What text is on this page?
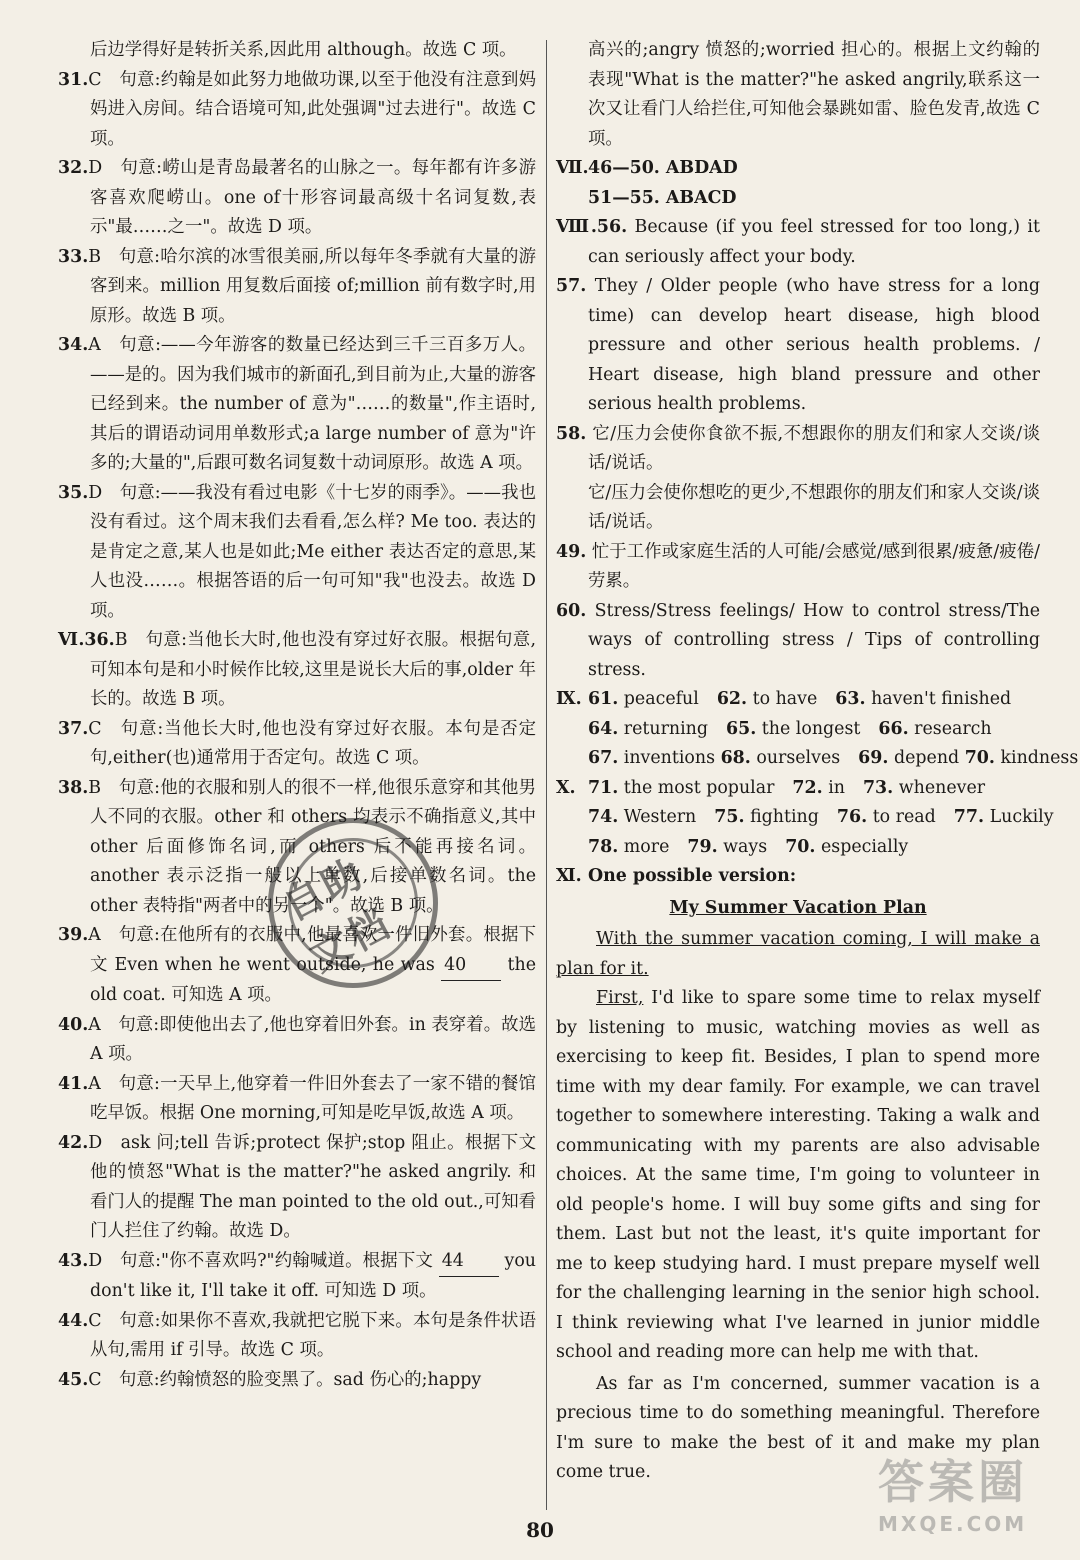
后边学得好是转折关系,因此用 although。故选 C 项。

31.C　句意:约翰是如此努力地做功课,以至于他没有注意到妈妈进入房间。结合语境可知,此处强调"过去进行"。故选 C 项。

32.D　句意:崂山是青岛最著名的山脉之一。每年都有许多游客喜欢爬崂山。one of十形容词最高级十名词复数,表示"最……之一"。故选 D 项。

33.B　句意:哈尔滨的冰雪很美丽,所以每年冬季就有大量的游客到来。million 用复数后面接 of;million 前有数字时,用原形。故选 B 项。

34.A　句意:——今年游客的数量已经达到三千三百多万人。——是的。因为我们城市的新面孔,到目前为止,大量的游客已经到来。the number of 意为"……的数量",作主语时,其后的谓语动词用单数形式;a large number of 意为"许多的;大量的",后跟可数名词复数十动词原形。故选 A 项。

35.D　句意:——我没有看过电影《十七岁的雨季》。——我也没有看过。这个周末我们去看看,怎么样? Me too. 表达的是肯定之意,某人也是如此;Me either 表达否定的意思,某人也没……。根据答语的后一句可知"我"也没去。故选 D 项。

Ⅵ.36.B　句意:当他长大时,他也没有穿过好衣服。根据句意,可知本句是和小时候作比较,这里是说长大后的事,older 年长的。故选 B 项。

37.C　句意:当他长大时,他也没有穿过好衣服。本句是否定句,either(也)通常用于否定句。故选 C 项。

38.B　句意:他的衣服和别人的很不一样,他很乐意穿和其他男人不同的衣服。other 和 others 均表示不确指意义,其中 other 后面修饰名词,而 others 后不能再接名词。another 表示泛指一般以上单数,后接单数名词。the other 表特指"两者中的另一个"。故选 B 项。

39.A　句意:在他所有的衣服中,他最喜欢一件旧外套。根据下文 Even when he went outside, he was 40 the old coat. 可知选 A 项。

40.A　句意:即使他出去了,他也穿着旧外套。in 表穿着。故选 A 项。

41.A　句意:一天早上,他穿着一件旧外套去了一家不错的餐馆吃早饭。根据 One morning,可知是吃早饭,故选 A 项。

42.D　ask 问;tell 告诉;protect 保护;stop 阻止。根据下文他的愤怒"What is the matter?"he asked angrily. 和看门人的提醒 The man pointed to the old out.,可知看门人拦住了约翰。故选 D。

43.D　句意:"你不喜欢吗?"约翰喊道。根据下文 44 you don't like it, I'll take it off. 可知选 D 项。

44.C　句意:如果你不喜欢,我就把它脱下来。本句是条件状语从句,需用 if 引导。故选 C 项。

45.C　句意:约翰愤怒的脸变黑了。sad 伤心的;happy

高兴的;angry 愤怒的;worried 担心的。根据上文约翰的表现"What is the matter?"he asked angrily,联系这一次又让看门人给拦住,可知他会暴跳如雷、脸色发青,故选 C 项。

Ⅶ.46—50. ABDAD

51—55. ABACD

Ⅷ.56. Because (if you feel stressed for too long,) it can seriously affect your body.

57. They / Older people (who have stress for a long time) can develop heart disease, high blood pressure and other serious health problems. / Heart disease, high bland pressure and other serious health problems.

58. 它/压力会使你食欲不振,不想跟你的朋友们和家人交谈/谈话/说话。

它/压力会使你想吃的更少,不想跟你的朋友们和家人交谈/谈话/说话。

49. 忙于工作或家庭生活的人可能/会感觉/感到很累/疲惫/疲倦/劳累。

60. Stress/Stress feelings/ How to control stress/The ways of controlling stress / Tips of controlling stress.

Ⅸ. 61. peaceful 62. to have 63. haven't finished

64. returning 65. the longest 66. research

67. inventions 68. ourselves 69. depend 70. kindness

Ⅹ. 71. the most popular 72. in 73. whenever

74. Western 75. fighting 76. to read 77. Luckily

78. more 79. ways 70. especially

Ⅺ. One possible version:

My Summer Vacation Plan

With the summer vacation coming, I will make a plan for it.

First, I'd like to spare some time to relax myself by listening to music, watching movies as well as exercising to keep fit. Besides, I plan to spend more time with my dear family. For example, we can travel together to somewhere interesting. Taking a walk and communicating with my parents are also advisable choices. At the same time, I'm going to volunteer in old people's home. I will buy some gifts and sing for them. Last but not the least, it's quite important for me to keep studying hard. I must prepare myself well for the challenging learning in the senior high school. I think reviewing what I've learned in junior middle school and reading more can help me with that.

As far as I'm concerned, summer vacation is a precious time to do something meaningful. Therefore I'm sure to make the best of it and make my plan come true.

自助文档
答案圈
MXQE.COM
80
